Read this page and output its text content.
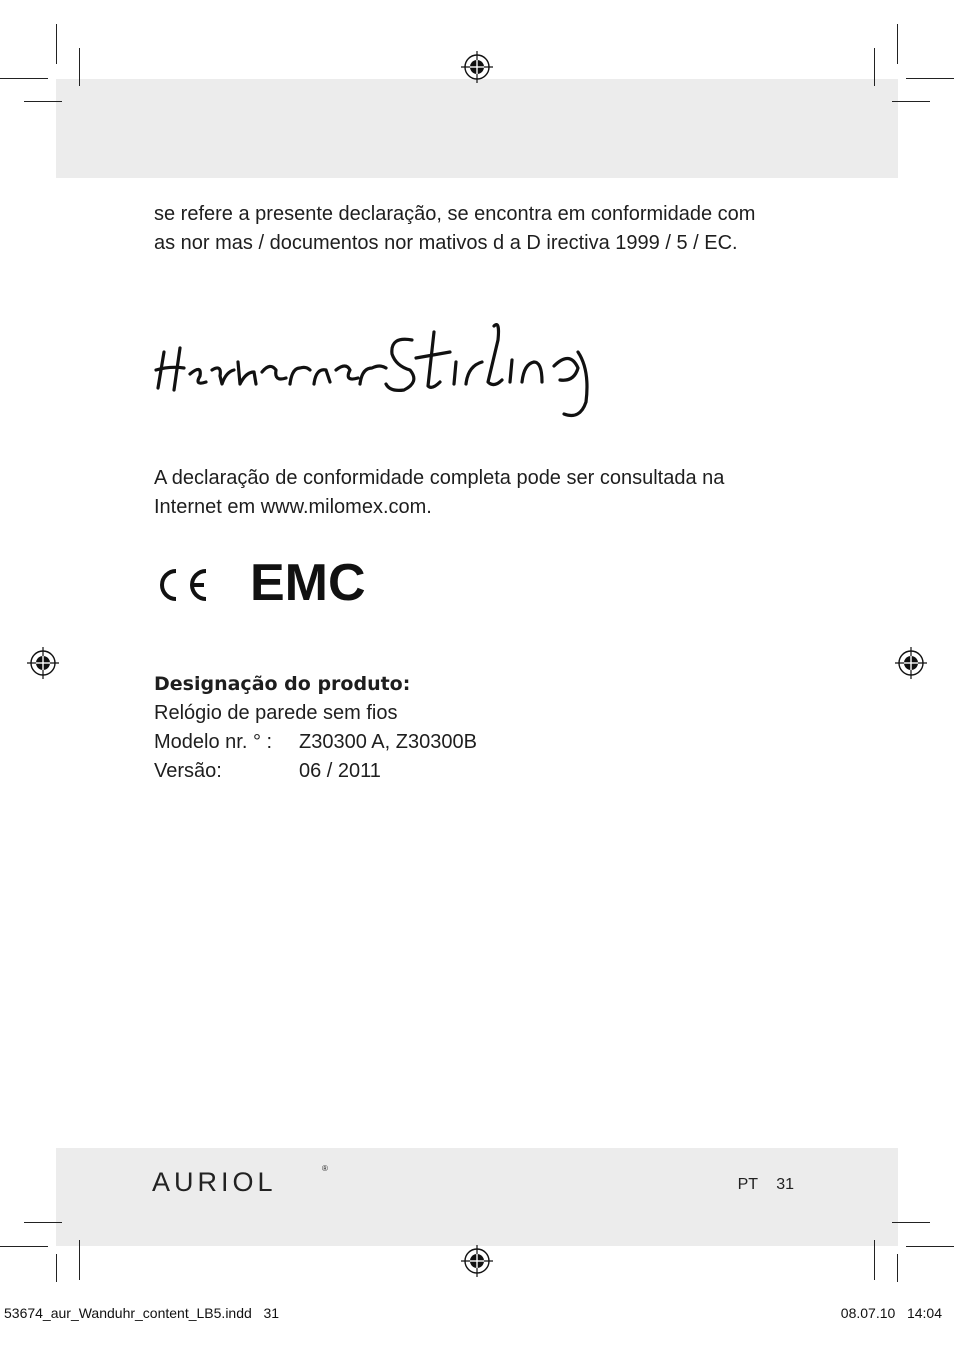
se refere a presente declaração, se encontra em conformidade com
as nor mas / documentos nor mativos d a D irectiva 1999 / 5 / EC.

HeatherStirling

A declaração de conformidade completa pode ser consultada na
Internet em www.milomex.com.

EMC
Designação do produto:
Relógio de parede sem fios
Modelo nr. ° :	Z30300 A, Z30300B
Versão:	06 / 2011
AURIOL	®
PT 31
53674_aur_Wanduhr_content_LB5.indd   31	08.07.10   14:04
